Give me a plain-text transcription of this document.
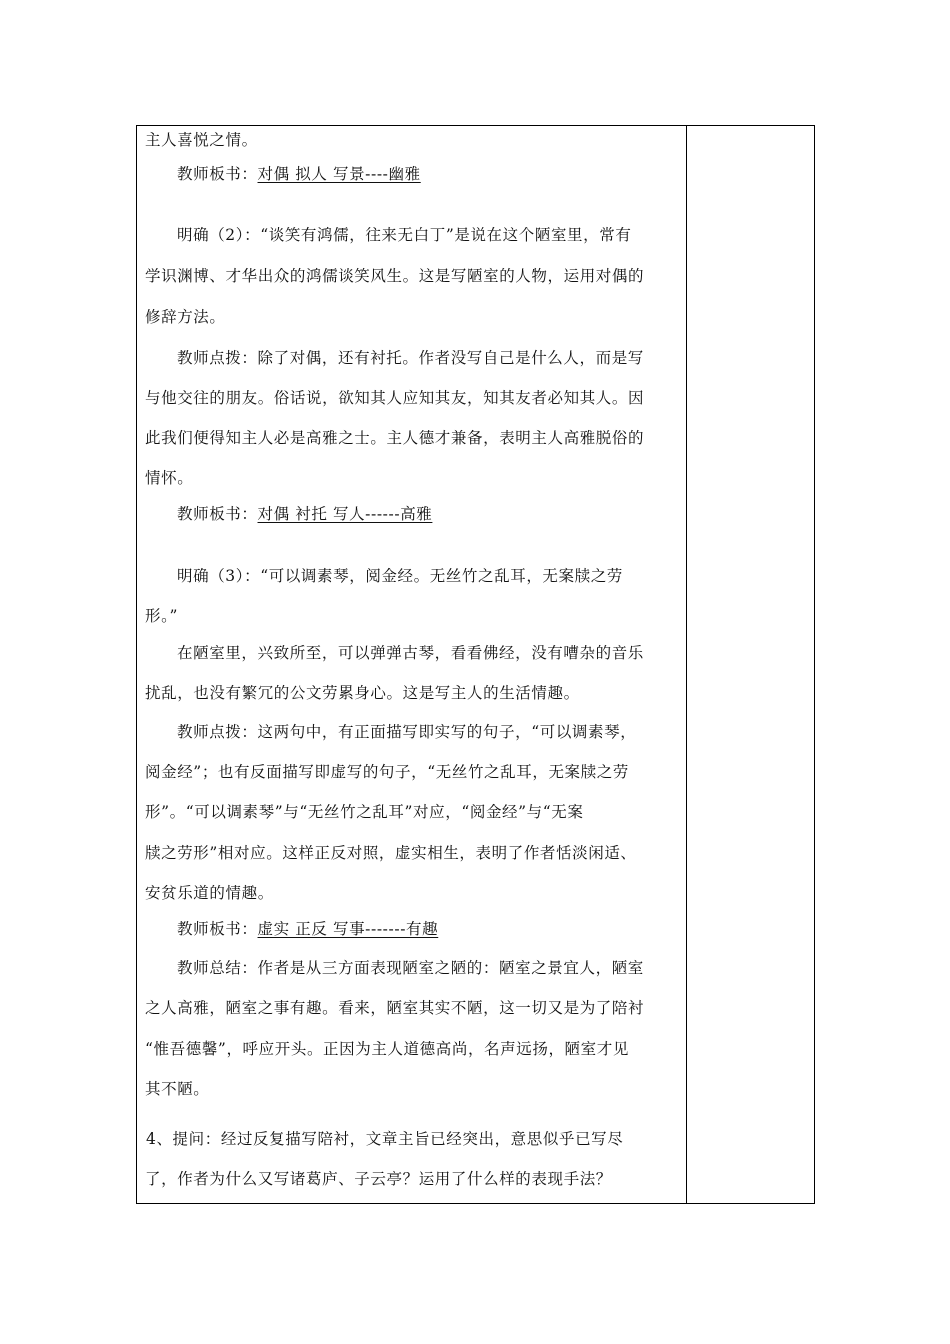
主人喜悦之情。
教师板书：对偶 拟人 写景----幽雅
明确（2）：“谈笑有鸿儒，往来无白丁”是说在这个陋室里，常有
学识渊博、才华出众的鸿儒谈笑风生。这是写陋室的人物，运用对偶的
修辞方法。
教师点拨：除了对偶，还有衬托。作者没写自己是什么人，而是写
与他交往的朋友。俗话说，欲知其人应知其友，知其友者必知其人。因
此我们便得知主人必是高雅之士。主人德才兼备，表明主人高雅脱俗的
情怀。
教师板书：对偶 衬托 写人------高雅
明确（3）：“可以调素琴，阅金经。无丝竹之乱耳，无案牍之劳
形。”
在陋室里，兴致所至，可以弹弹古琴，看看佛经，没有嘈杂的音乐
扰乱，也没有繁冗的公文劳累身心。这是写主人的生活情趣。
教师点拨：这两句中，有正面描写即实写的句子，“可以调素琴，
阅金经”；也有反面描写即虚写的句子，“无丝竹之乱耳，无案牍之劳
形”。“可以调素琴”与“无丝竹之乱耳”对应，“阅金经”与“无案
牍之劳形”相对应。这样正反对照，虚实相生，表明了作者恬淡闲适、
安贫乐道的情趣。
教师板书：虚实 正反 写事-------有趣
教师总结：作者是从三方面表现陋室之陋的：陋室之景宜人，陋室
之人高雅，陋室之事有趣。看来，陋室其实不陋，这一切又是为了陪衬
“惟吾德馨”，呼应开头。正因为主人道德高尚，名声远扬，陋室才见
其不陋。
4、提问：经过反复描写陪衬，文章主旨已经突出，意思似乎已写尽
了，作者为什么又写诸葛庐、子云亭？运用了什么样的表现手法？
